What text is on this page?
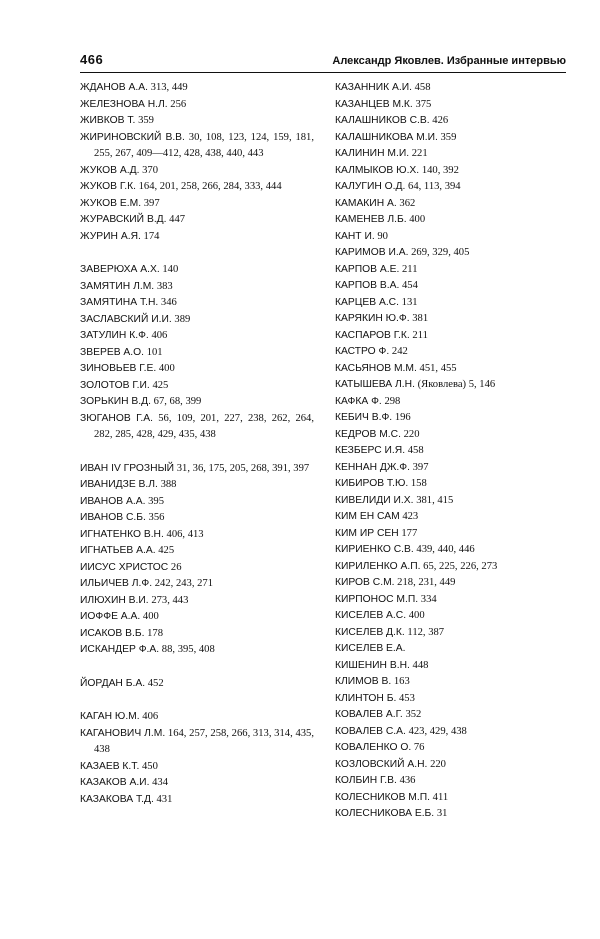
466	Александр Яковлев. Избранные интервью

ЖДАНОВ А.А. 313, 449

ЖЕЛЕЗНОВА Н.Л. 256

ЖИВКОВ Т. 359

ЖИРИНОВСКИЙ В.В. 30, 108, 123, 124, 159, 181, 255, 267, 409—412, 428, 438, 440, 443

ЖУКОВ А.Д. 370

ЖУКОВ Г.К. 164, 201, 258, 266, 284, 333, 444

ЖУКОВ Е.М. 397

ЖУРАВСКИЙ В.Д. 447

ЖУРИН А.Я. 174

ЗАВЕРЮХА А.Х. 140

ЗАМЯТИН Л.М. 383

ЗАМЯТИНА Т.Н. 346

ЗАСЛАВСКИЙ И.И. 389

ЗАТУЛИН К.Ф. 406

ЗВЕРЕВ А.О. 101

ЗИНОВЬЕВ Г.Е. 400

ЗОЛОТОВ Г.И. 425

ЗОРЬКИН В.Д. 67, 68, 399

ЗЮГАНОВ Г.А. 56, 109, 201, 227, 238, 262, 264, 282, 285, 428, 429, 435, 438

ИВАН IV ГРОЗНЫЙ 31, 36, 175, 205, 268, 391, 397

ИВАНИДЗЕ В.Л. 388

ИВАНОВ А.А. 395

ИВАНОВ С.Б. 356

ИГНАТЕНКО В.Н. 406, 413

ИГНАТЬЕВ А.А. 425

ИИСУС ХРИСТОС 26

ИЛЬИЧЕВ Л.Ф. 242, 243, 271

ИЛЮХИН В.И. 273, 443

ИОФФЕ А.А. 400

ИСАКОВ В.Б. 178

ИСКАНДЕР Ф.А. 88, 395, 408

ЙОРДАН Б.А. 452

КАГАН Ю.М. 406

КАГАНОВИЧ Л.М. 164, 257, 258, 266, 313, 314, 435, 438

КАЗАЕВ К.Т. 450

КАЗАКОВ А.И. 434

КАЗАКОВА Т.Д. 431

КАЗАННИК А.И. 458

КАЗАНЦЕВ М.К. 375

КАЛАШНИКОВ С.В. 426

КАЛАШНИКОВА М.И. 359

КАЛИНИН М.И. 221

КАЛМЫКОВ Ю.Х. 140, 392

КАЛУГИН О.Д. 64, 113, 394

КАМАКИН А. 362

КАМЕНЕВ Л.Б. 400

КАНТ И. 90

КАРИМОВ И.А. 269, 329, 405

КАРПОВ А.Е. 211

КАРПОВ В.А. 454

КАРЦЕВ А.С. 131

КАРЯКИН Ю.Ф. 381

КАСПАРОВ Г.К. 211

КАСТРО Ф. 242

КАСЬЯНОВ М.М. 451, 455

КАТЫШЕВА Л.Н. (Яковлева) 5, 146

КАФКА Ф. 298

КЕБИЧ В.Ф. 196

КЕДРОВ М.С. 220

КЕЗБЕРС И.Я. 458

КЕННАН ДЖ.Ф. 397

КИБИРОВ Т.Ю. 158

КИВЕЛИДИ И.Х. 381, 415

КИМ ЕН САМ 423

КИМ ИР СЕН 177

КИРИЕНКО С.В. 439, 440, 446

КИРИЛЕНКО А.П. 65, 225, 226, 273

КИРОВ С.М. 218, 231, 449

КИРПОНОС М.П. 334

КИСЕЛЕВ А.С. 400

КИСЕЛЕВ Д.К. 112, 387

КИСЕЛЕВ Е.А.

КИШЕНИН В.Н. 448

КЛИМОВ В. 163

КЛИНТОН Б. 453

КОВАЛЕВ А.Г. 352

КОВАЛЕВ С.А. 423, 429, 438

КОВАЛЕНКО О. 76

КОЗЛОВСКИЙ А.Н. 220

КОЛБИН Г.В. 436

КОЛЕСНИКОВ М.П. 411

КОЛЕСНИКОВА Е.Б. 31
